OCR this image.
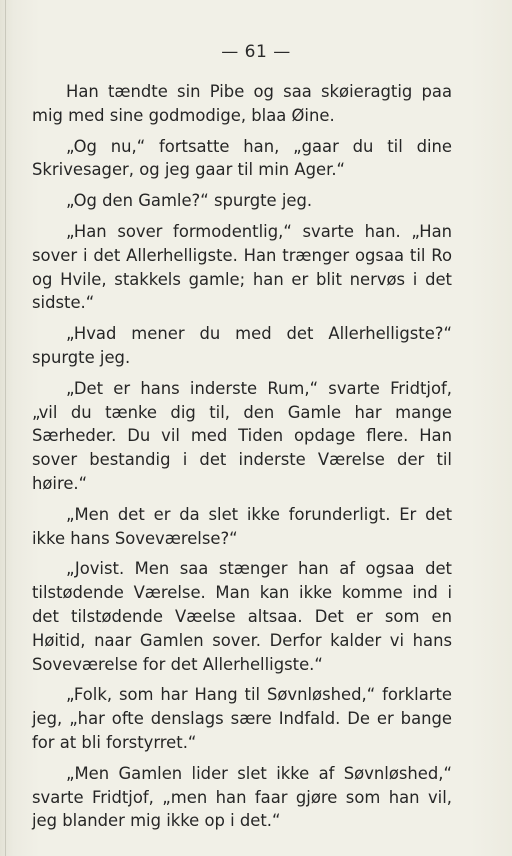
— 61 —

Han tændte sin Pibe og saa skøieragtig paa mig med sine godmodige, blaa Øine.

„Og nu,“ fortsatte han, „gaar du til dine Skrivesager, og jeg gaar til min Ager.“

„Og den Gamle?“ spurgte jeg.

„Han sover formodentlig,“ svarte han. „Han sover i det Allerhelligste. Han trænger ogsaa til Ro og Hvile, stakkels gamle; han er blit nervøs i det sidste.“

„Hvad mener du med det Allerhelligste?“ spurgte jeg.

„Det er hans inderste Rum,“ svarte Fridtjof, „vil du tænke dig til, den Gamle har mange Særheder. Du vil med Tiden opdage flere. Han sover bestandig i det inderste Værelse der til høire.“

„Men det er da slet ikke forunderligt. Er det ikke hans Soveværelse?“

„Jovist. Men saa stænger han af ogsaa det tilstødende Værelse. Man kan ikke komme ind i det tilstødende Væelse altsaa. Det er som en Høitid, naar Gamlen sover. Derfor kalder vi hans Soveværelse for det Allerhelligste.“

„Folk, som har Hang til Søvnløshed,“ forklarte jeg, „har ofte denslags sære Indfald. De er bange for at bli forstyrret.“

„Men Gamlen lider slet ikke af Søvnløshed,“ svarte Fridtjof, „men han faar gjøre som han vil, jeg blander mig ikke op i det.“
